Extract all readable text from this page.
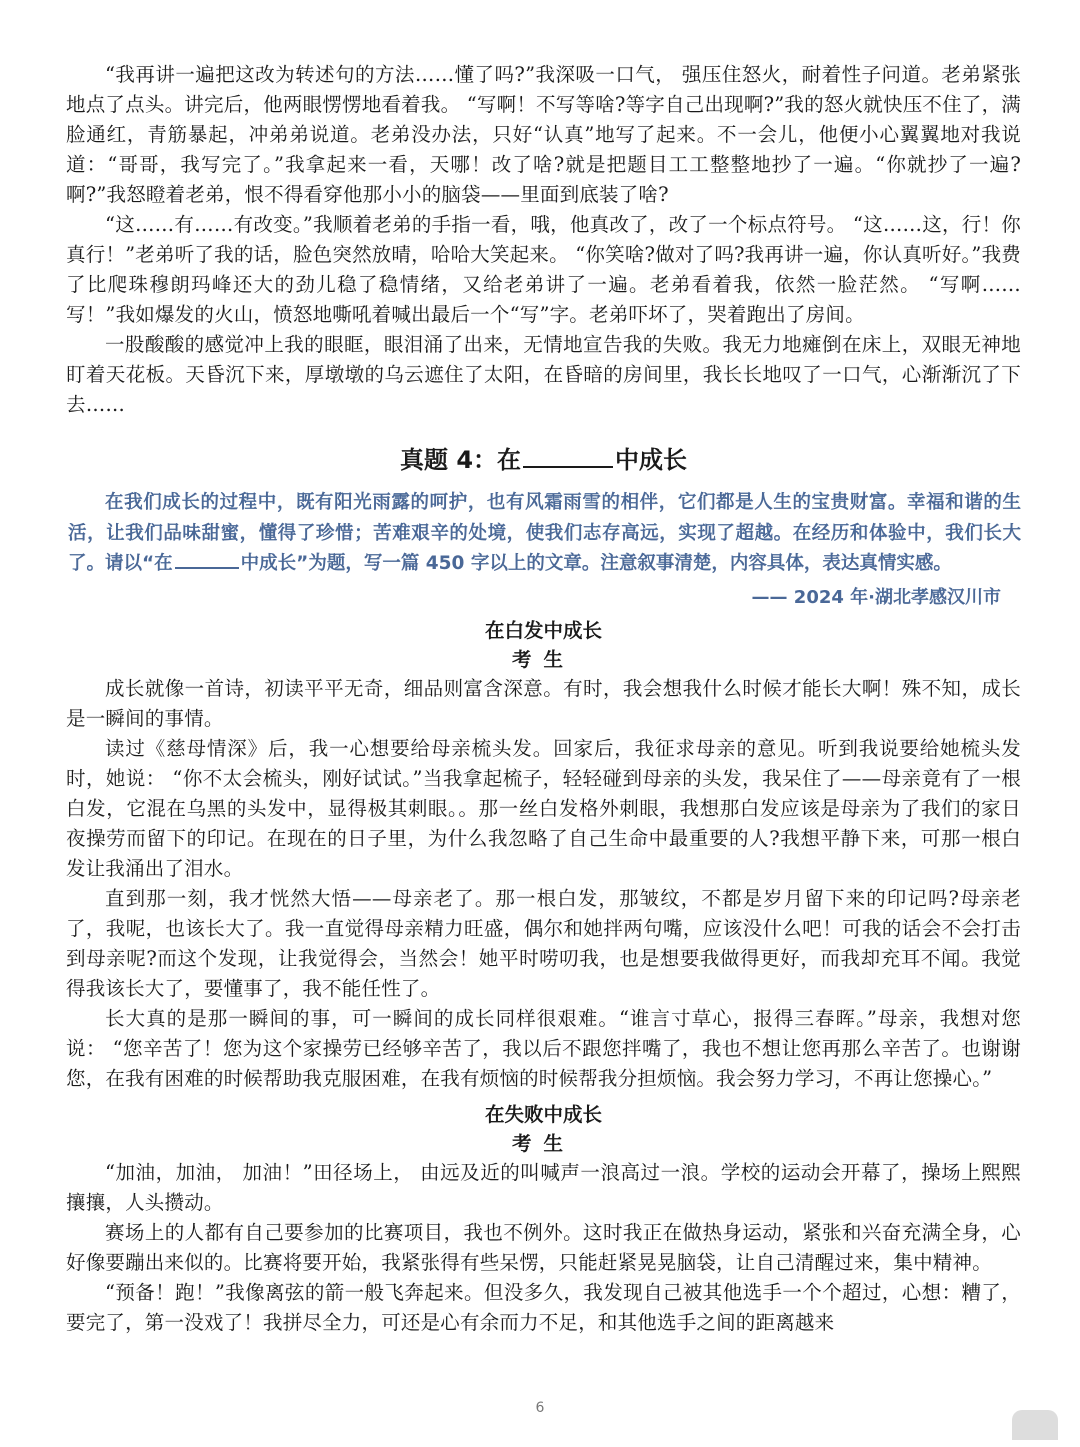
“我再讲一遍把这改为转述句的方法……懂了吗?”我深吸一口气， 强压住怒火，耐着性子问道。老弟紧张地点了点头。讲完后，他两眼愣愣地看着我。 “写啊！不写等啥?等字自己出现啊?”我的怒火就快压不住了，满脸通红，青筋暴起，冲弟弟说道。老弟没办法，只好“认真”地写了起来。不一会儿，他便小心翼翼地对我说道：“哥哥，我写完了。”我拿起来一看，天哪！改了啥?就是把题目工工整整地抄了一遍。“你就抄了一遍?啊?”我怒瞪着老弟，恨不得看穿他那小小的脑袋——里面到底装了啥?

“这……有……有改变。”我顺着老弟的手指一看，哦，他真改了，改了一个标点符号。 “这……这，行！你真行！”老弟听了我的话，脸色突然放晴，哈哈大笑起来。 “你笑啥?做对了吗?我再讲一遍，你认真听好。”我费了比爬珠穆朗玛峰还大的劲儿稳了稳情绪，又给老弟讲了一遍。老弟看着我，依然一脸茫然。 “写啊……写！”我如爆发的火山，愤怒地嘶吼着喊出最后一个“写”字。老弟吓坏了，哭着跑出了房间。

一股酸酸的感觉冲上我的眼眶，眼泪涌了出来，无情地宣告我的失败。我无力地瘫倒在床上，双眼无神地盯着天花板。天昏沉下来，厚墩墩的乌云遮住了太阳，在昏暗的房间里，我长长地叹了一口气，心渐渐沉了下去……

真题 4：在	中成长

在我们成长的过程中，既有阳光雨露的呵护，也有风霜雨雪的相伴，它们都是人生的宝贵财富。幸福和谐的生活，让我们品味甜蜜，懂得了珍惜；苦难艰辛的处境，使我们志存高远，实现了超越。在经历和体验中，我们长大了。请以“在	中成长”为题，写一篇 450 字以上的文章。注意叙事清楚，内容具体，表达真情实感。

—— 2024 年·湖北孝感汉川市

在白发中成长

考生

成长就像一首诗，初读平平无奇，细品则富含深意。有时，我会想我什么时候才能长大啊！殊不知，成长是一瞬间的事情。

读过《慈母情深》后，我一心想要给母亲梳头发。回家后，我征求母亲的意见。听到我说要给她梳头发时，她说： “你不太会梳头，刚好试试。”当我拿起梳子，轻轻碰到母亲的头发，我呆住了——母亲竟有了一根白发，它混在乌黑的头发中，显得极其刺眼。。那一丝白发格外刺眼，我想那白发应该是母亲为了我们的家日夜操劳而留下的印记。在现在的日子里，为什么我忽略了自己生命中最重要的人?我想平静下来，可那一根白发让我涌出了泪水。

直到那一刻，我才恍然大悟——母亲老了。那一根白发，那皱纹，不都是岁月留下来的印记吗?母亲老了，我呢，也该长大了。我一直觉得母亲精力旺盛，偶尔和她拌两句嘴，应该没什么吧！可我的话会不会打击到母亲呢?而这个发现，让我觉得会，当然会！她平时唠叨我，也是想要我做得更好，而我却充耳不闻。我觉得我该长大了，要懂事了，我不能任性了。

长大真的是那一瞬间的事，可一瞬间的成长同样很艰难。“谁言寸草心，报得三春晖。”母亲，我想对您说： “您辛苦了！您为这个家操劳已经够辛苦了，我以后不跟您拌嘴了，我也不想让您再那么辛苦了。也谢谢您，在我有困难的时候帮助我克服困难，在我有烦恼的时候帮我分担烦恼。我会努力学习，不再让您操心。”

在失败中成长

考生

“加油，加油， 加油！”田径场上， 由远及近的叫喊声一浪高过一浪。学校的运动会开幕了，操场上熙熙攘攘，人头攒动。

赛场上的人都有自己要参加的比赛项目，我也不例外。这时我正在做热身运动，紧张和兴奋充满全身，心好像要蹦出来似的。比赛将要开始，我紧张得有些呆愣，只能赶紧晃晃脑袋，让自己清醒过来，集中精神。

“预备！跑！”我像离弦的箭一般飞奔起来。但没多久，我发现自己被其他选手一个个超过，心想：糟了，要完了，第一没戏了！我拼尽全力，可还是心有余而力不足，和其他选手之间的距离越来

6
